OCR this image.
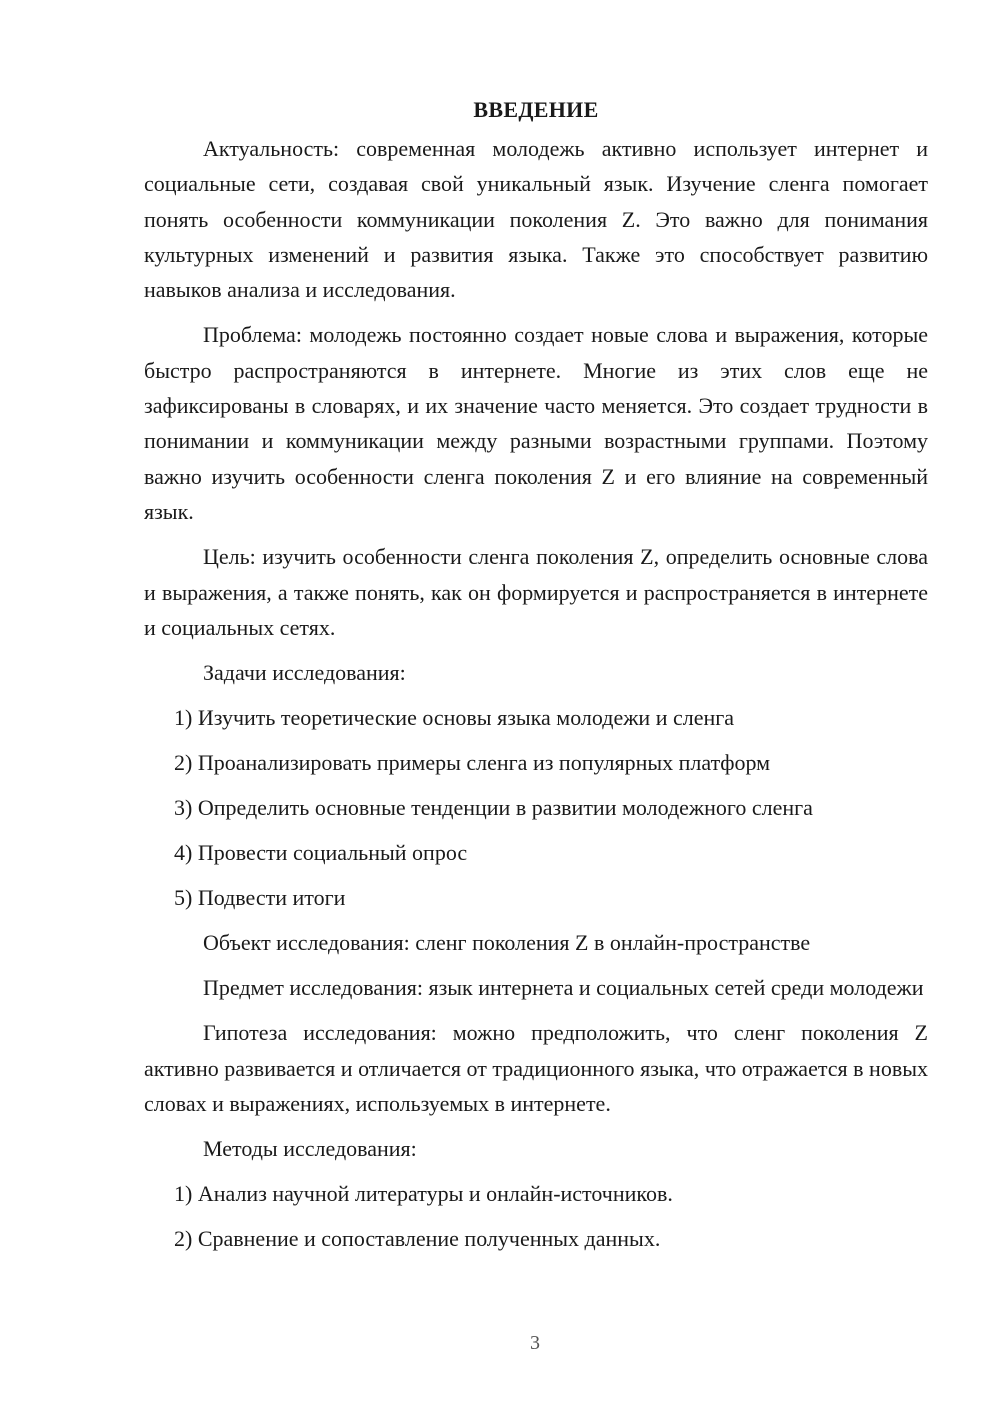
ВВЕДЕНИЕ

Актуальность: современная молодежь активно использует интернет и социальные сети, создавая свой уникальный язык. Изучение сленга помогает понять особенности коммуникации поколения Z. Это важно для понимания культурных изменений и развития языка. Также это способствует развитию навыков анализа и исследования.

Проблема: молодежь постоянно создает новые слова и выражения, которые быстро распространяются в интернете. Многие из этих слов еще не зафиксированы в словарях, и их значение часто меняется. Это создает трудности в понимании и коммуникации между разными возрастными группами. Поэтому важно изучить особенности сленга поколения Z и его влияние на современный язык.

Цель: изучить особенности сленга поколения Z, определить основные слова и выражения, а также понять, как он формируется и распространяется в интернете и социальных сетях.

Задачи исследования:
1) Изучить теоретические основы языка молодежи и сленга
2) Проанализировать примеры сленга из популярных платформ
3) Определить основные тенденции в развитии молодежного сленга
4) Провести социальный опрос
5) Подвести итоги
Объект исследования: сленг поколения Z в онлайн-пространстве

Предмет исследования: язык интернета и социальных сетей среди молодежи

Гипотеза исследования: можно предположить, что сленг поколения Z активно развивается и отличается от традиционного языка, что отражается в новых словах и выражениях, используемых в интернете.

Методы исследования:
1) Анализ научной литературы и онлайн-источников.
2) Сравнение и сопоставление полученных данных.
3
